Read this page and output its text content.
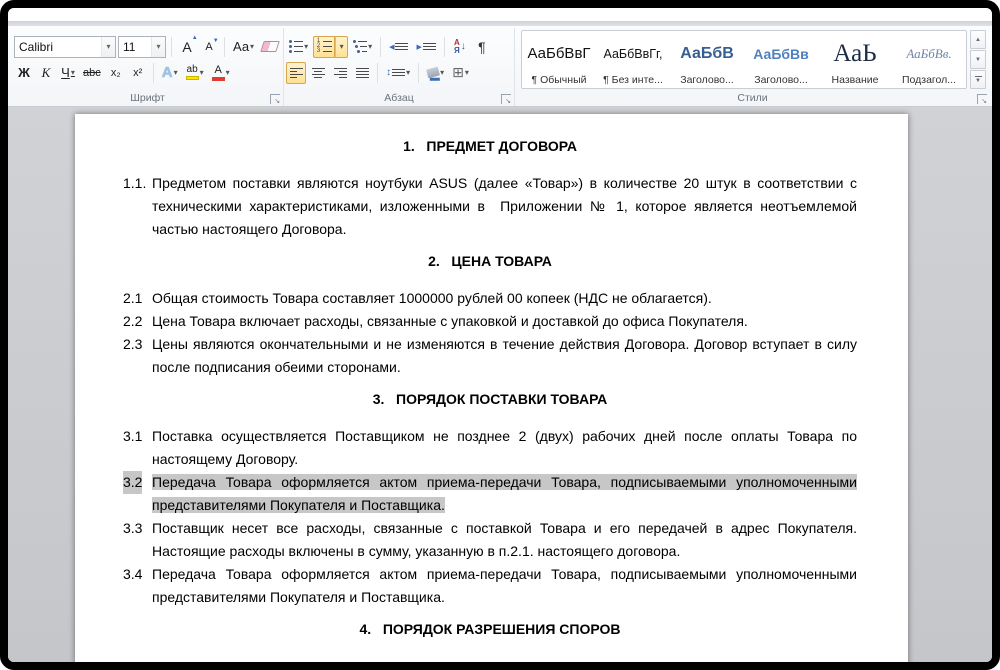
Calibri	▾	11	▾	А
▲
А ▼ Аа ▾
Ж К Ч ▾ abc x₂ x² А ▾ ab ▾ А ▾
Шрифт
↘
▾
1
2
3	▾	▾ ◀	▶
А
Я ↓ ¶
↕ ▾	▾ ⊞ ▾
Абзац
↘
АаБбВвГ
¶ Обычный
АаБбВвГг,
¶ Без инте...
АаБбВ
Заголово...
АаБбВв
Заголово...
АаЬ
Название
АаБбВв.
Подзагол...
▲
▼
▼
Стили
↘
1.   ПРЕДМЕТ ДОГОВОРА
1.1. Предметом поставки являются ноутбуки ASUS (далее «Товар») в количестве 20 штук в соответствии с техническими характеристиками, изложенными в  Приложении № 1, которое является неотъемлемой частью настоящего Договора.
2.   ЦЕНА ТОВАРА
2.1 Общая стоимость Товара составляет 1000000 рублей 00 копеек (НДС не облагается).
2.2 Цена Товара включает расходы, связанные с упаковкой и доставкой до офиса Покупателя.
2.3 Цены являются окончательными и не изменяются в течение действия Договора. Договор вступает в силу после подписания обеими сторонами.
3.   ПОРЯДОК ПОСТАВКИ ТОВАРА
3.1 Поставка осуществляется Поставщиком не позднее 2 (двух) рабочих дней после оплаты Товара по настоящему Договору.
3.2 Передача Товара оформляется актом приема-передачи Товара, подписываемыми уполномоченными представителями Покупателя и Поставщика.
3.3 Поставщик несет все расходы, связанные с поставкой Товара и его передачей в адрес Покупателя. Настоящие расходы включены в сумму, указанную в п.2.1. настоящего договора.
3.4 Передача Товара оформляется актом приема-передачи Товара, подписываемыми уполномоченными представителями Покупателя и Поставщика.
4.   ПОРЯДОК РАЗРЕШЕНИЯ СПОРОВ
